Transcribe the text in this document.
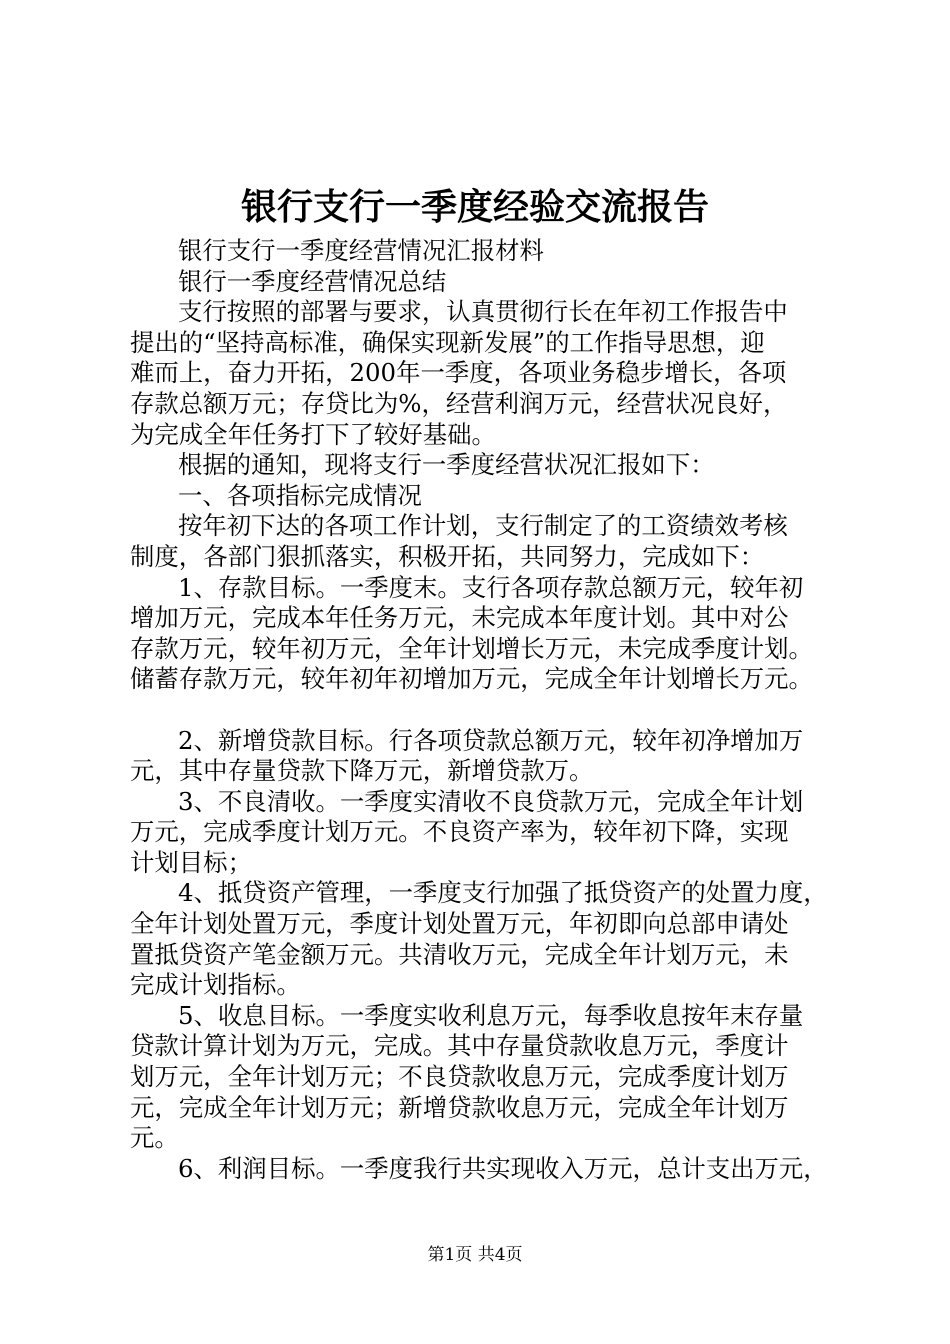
银行支行一季度经验交流报告
银行支行一季度经营情况汇报材料
银行一季度经营情况总结
支行按照的部署与要求，认真贯彻行长在年初工作报告中
提出的“坚持高标准，确保实现新发展”的工作指导思想，迎
难而上，奋力开拓，200年一季度，各项业务稳步增长，各项
存款总额万元；存贷比为%，经营利润万元，经营状况良好，
为完成全年任务打下了较好基础。
根据的通知，现将支行一季度经营状况汇报如下：
一、各项指标完成情况
按年初下达的各项工作计划，支行制定了的工资绩效考核
制度，各部门狠抓落实，积极开拓，共同努力，完成如下：
1、存款目标。一季度末。支行各项存款总额万元，较年初
增加万元，完成本年任务万元，未完成本年度计划。其中对公
存款万元，较年初万元，全年计划增长万元，未完成季度计划。
储蓄存款万元，较年初年初增加万元，完成全年计划增长万元。
2、新增贷款目标。行各项贷款总额万元，较年初净增加万
元，其中存量贷款下降万元，新增贷款万。
3、不良清收。一季度实清收不良贷款万元，完成全年计划
万元，完成季度计划万元。不良资产率为，较年初下降，实现
计划目标；
4、抵贷资产管理，一季度支行加强了抵贷资产的处置力度，
全年计划处置万元，季度计划处置万元，年初即向总部申请处
置抵贷资产笔金额万元。共清收万元，完成全年计划万元，未
完成计划指标。
5、收息目标。一季度实收利息万元，每季收息按年末存量
贷款计算计划为万元，完成。其中存量贷款收息万元，季度计
划万元，全年计划万元；不良贷款收息万元，完成季度计划万
元，完成全年计划万元；新增贷款收息万元，完成全年计划万
元。
6、利润目标。一季度我行共实现收入万元，总计支出万元，
第1页 共4页
